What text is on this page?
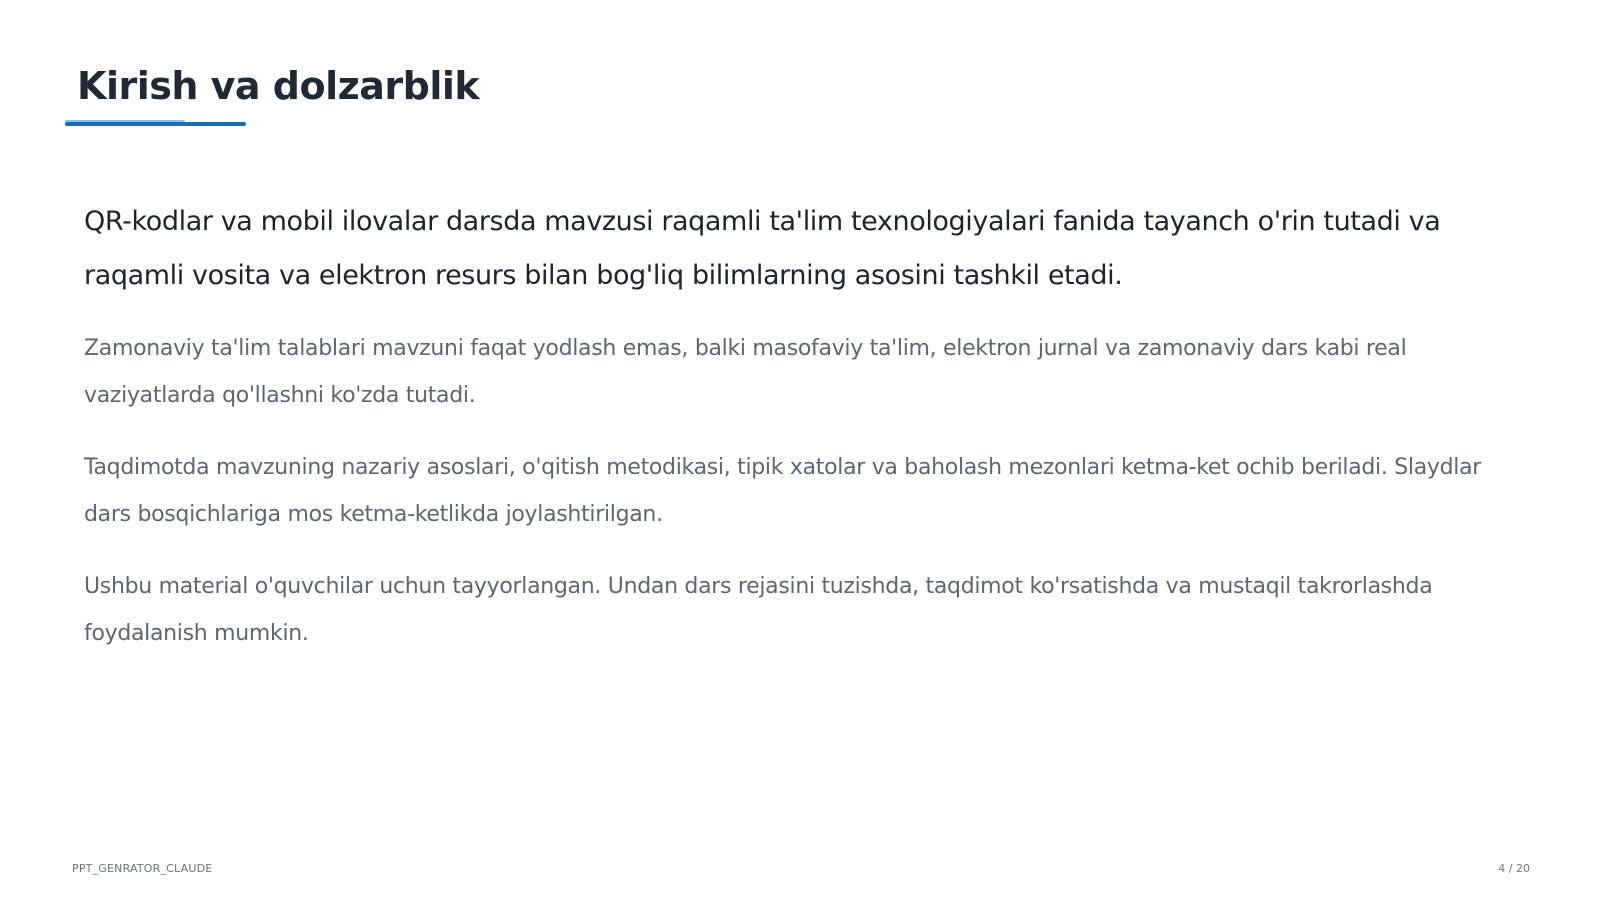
Kirish va dolzarblik

QR-kodlar va mobil ilovalar darsda mavzusi raqamli ta'lim texnologiyalari fanida tayanch o'rin tutadi va raqamli vosita va elektron resurs bilan bog'liq bilimlarning asosini tashkil etadi.

Zamonaviy ta'lim talablari mavzuni faqat yodlash emas, balki masofaviy ta'lim, elektron jurnal va zamonaviy dars kabi real vaziyatlarda qo'llashni ko'zda tutadi.

Taqdimotda mavzuning nazariy asoslari, o'qitish metodikasi, tipik xatolar va baholash mezonlari ketma-ket ochib beriladi. Slaydlar dars bosqichlariga mos ketma-ketlikda joylashtirilgan.

Ushbu material o'quvchilar uchun tayyorlangan. Undan dars rejasini tuzishda, taqdimot ko'rsatishda va mustaqil takrorlashda foydalanish mumkin.

PPT_GENRATOR_CLAUDE	4 / 20
